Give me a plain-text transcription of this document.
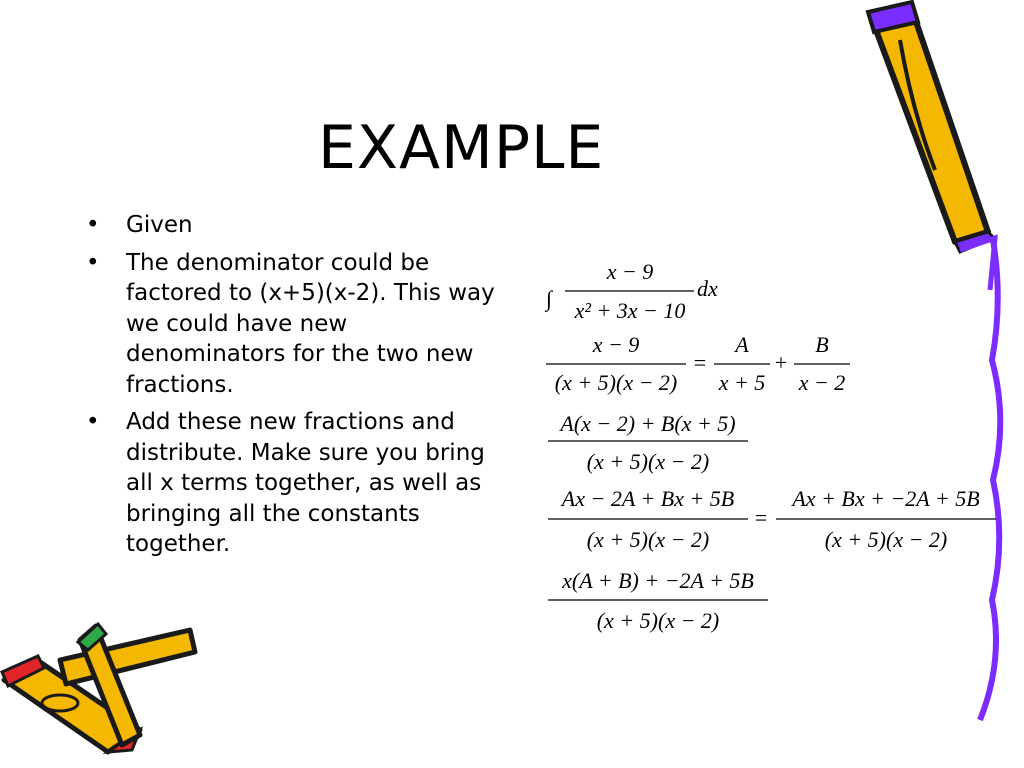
EXAMPLE
• Given
• The denominator could be factored to (x+5)(x-2). This way we could have new denominators for the two new fractions.
• Add these new fractions and distribute. Make sure you bring all x terms together, as well as bringing all the constants together.
∫
x − 9
x² + 3x − 10
dx
x − 9
(x + 5)(x − 2)
=
A
x + 5
+
B
x − 2
A(x − 2) + B(x + 5)
(x + 5)(x − 2)
Ax − 2A + Bx + 5B
(x + 5)(x − 2)
=
Ax + Bx + −2A + 5B
(x + 5)(x − 2)
x(A + B) + −2A + 5B
(x + 5)(x − 2)
